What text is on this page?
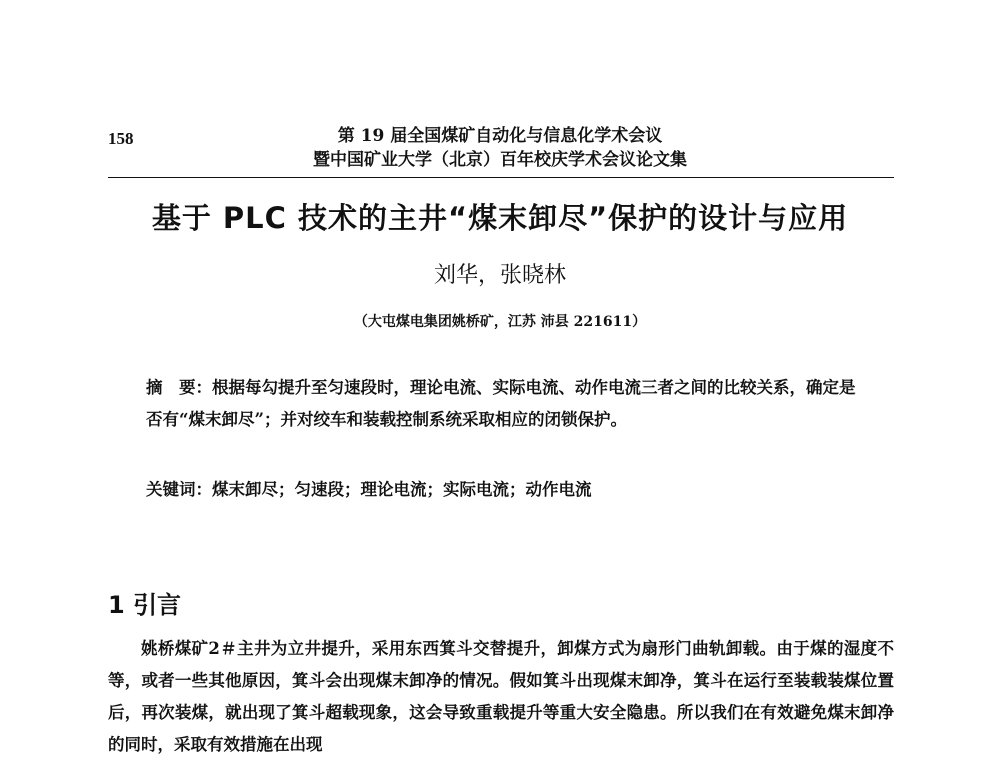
158	第 19 届全国煤矿自动化与信息化学术会议
暨中国矿业大学（北京）百年校庆学术会议论文集
基于 PLC 技术的主井“煤末卸尽”保护的设计与应用
刘华，张晓林
（大屯煤电集团姚桥矿，江苏 沛县 221611）
摘　要：根据每勾提升至匀速段时，理论电流、实际电流、动作电流三者之间的比较关系，确定是否有“煤末卸尽”；并对绞车和装载控制系统采取相应的闭锁保护。
关键词：煤末卸尽；匀速段；理论电流；实际电流；动作电流
1 引言
姚桥煤矿2＃主井为立井提升，采用东西箕斗交替提升，卸煤方式为扇形门曲轨卸载。由于煤的湿度不等，或者一些其他原因，箕斗会出现煤末卸净的情况。假如箕斗出现煤末卸净，箕斗在运行至装载装煤位置后，再次装煤，就出现了箕斗超载现象，这会导致重载提升等重大安全隐患。所以我们在有效避免煤末卸净的同时，采取有效措施在出现
